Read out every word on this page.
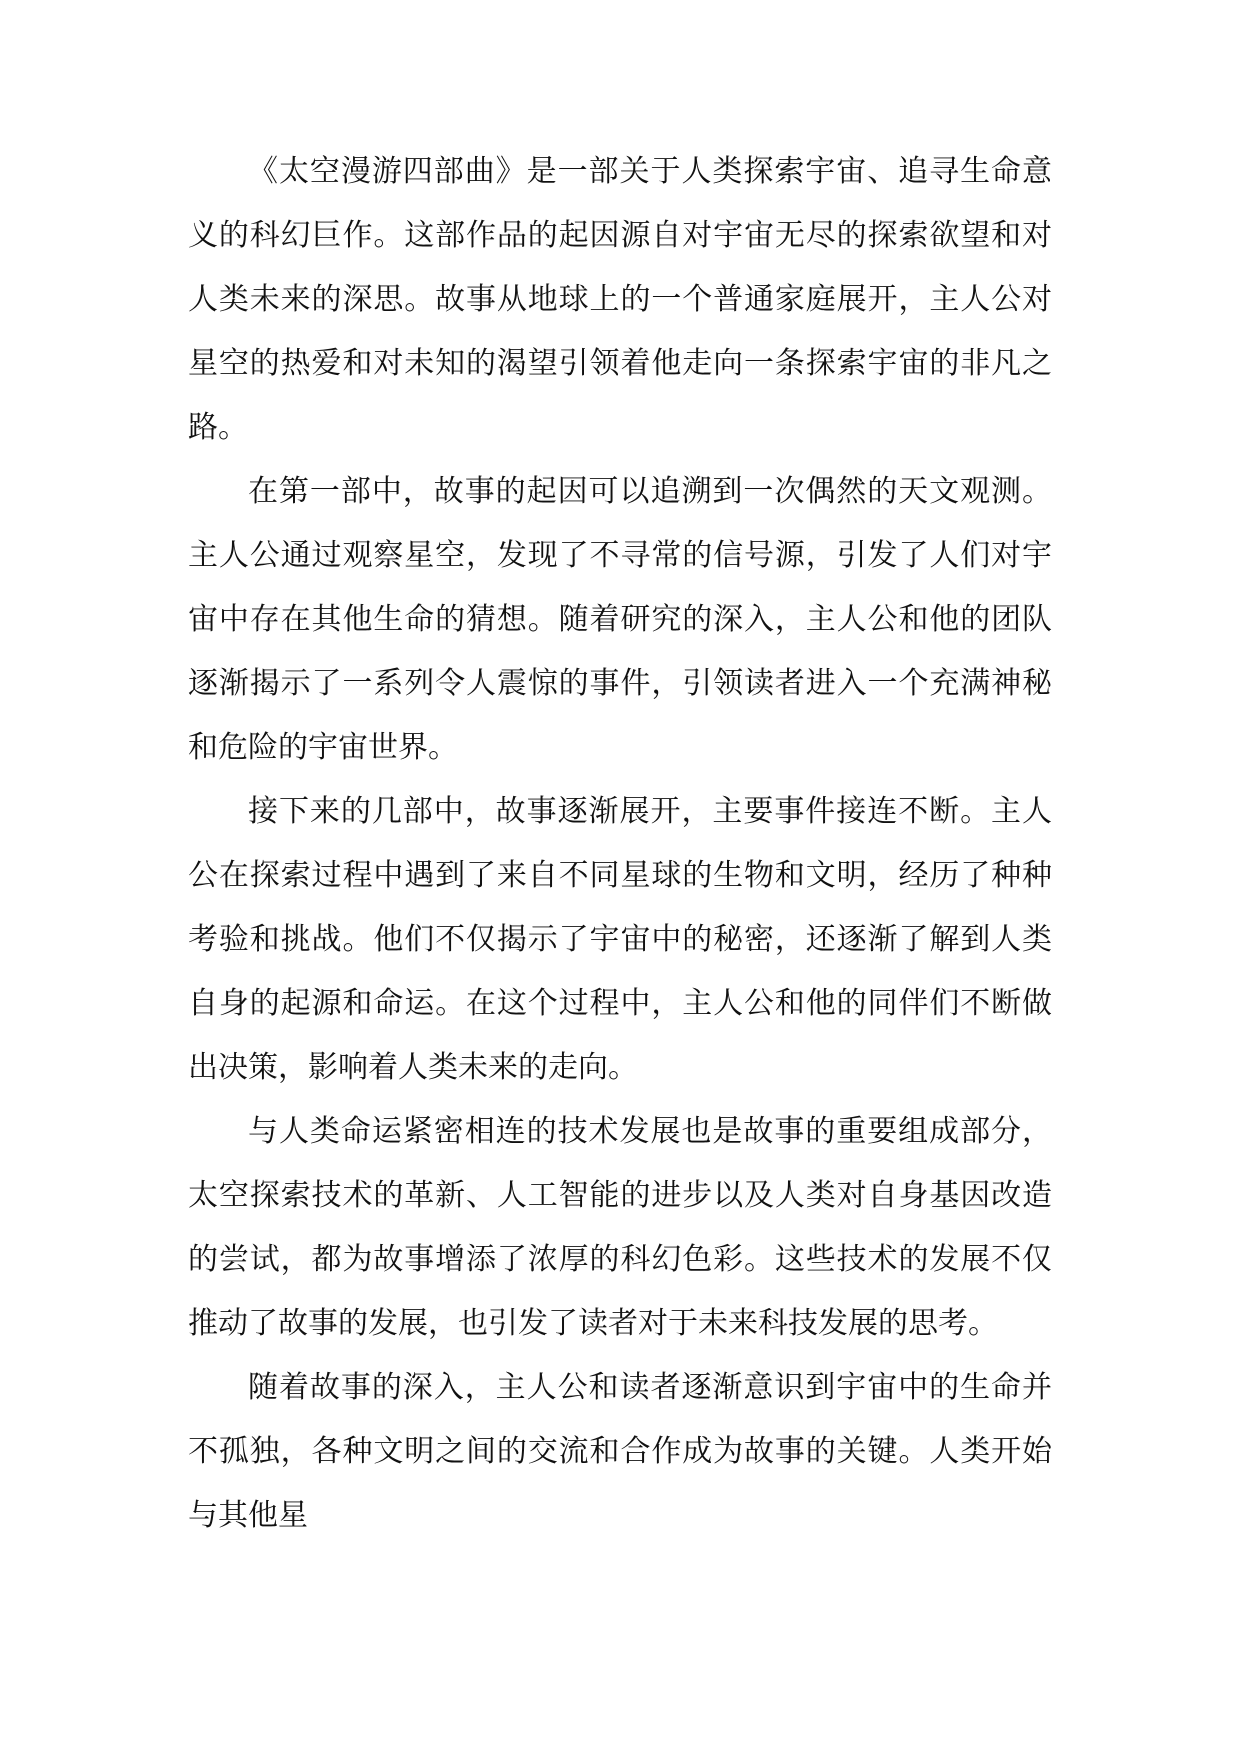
《太空漫游四部曲》是一部关于人类探索宇宙、追寻生命意义的科幻巨作。这部作品的起因源自对宇宙无尽的探索欲望和对人类未来的深思。故事从地球上的一个普通家庭展开，主人公对星空的热爱和对未知的渴望引领着他走向一条探索宇宙的非凡之路。

在第一部中，故事的起因可以追溯到一次偶然的天文观测。主人公通过观察星空，发现了不寻常的信号源，引发了人们对宇宙中存在其他生命的猜想。随着研究的深入，主人公和他的团队逐渐揭示了一系列令人震惊的事件，引领读者进入一个充满神秘和危险的宇宙世界。

接下来的几部中，故事逐渐展开，主要事件接连不断。主人公在探索过程中遇到了来自不同星球的生物和文明，经历了种种考验和挑战。他们不仅揭示了宇宙中的秘密，还逐渐了解到人类自身的起源和命运。在这个过程中，主人公和他的同伴们不断做出决策，影响着人类未来的走向。

与人类命运紧密相连的技术发展也是故事的重要组成部分，太空探索技术的革新、人工智能的进步以及人类对自身基因改造的尝试，都为故事增添了浓厚的科幻色彩。这些技术的发展不仅推动了故事的发展，也引发了读者对于未来科技发展的思考。

随着故事的深入，主人公和读者逐渐意识到宇宙中的生命并不孤独，各种文明之间的交流和合作成为故事的关键。人类开始与其他星
